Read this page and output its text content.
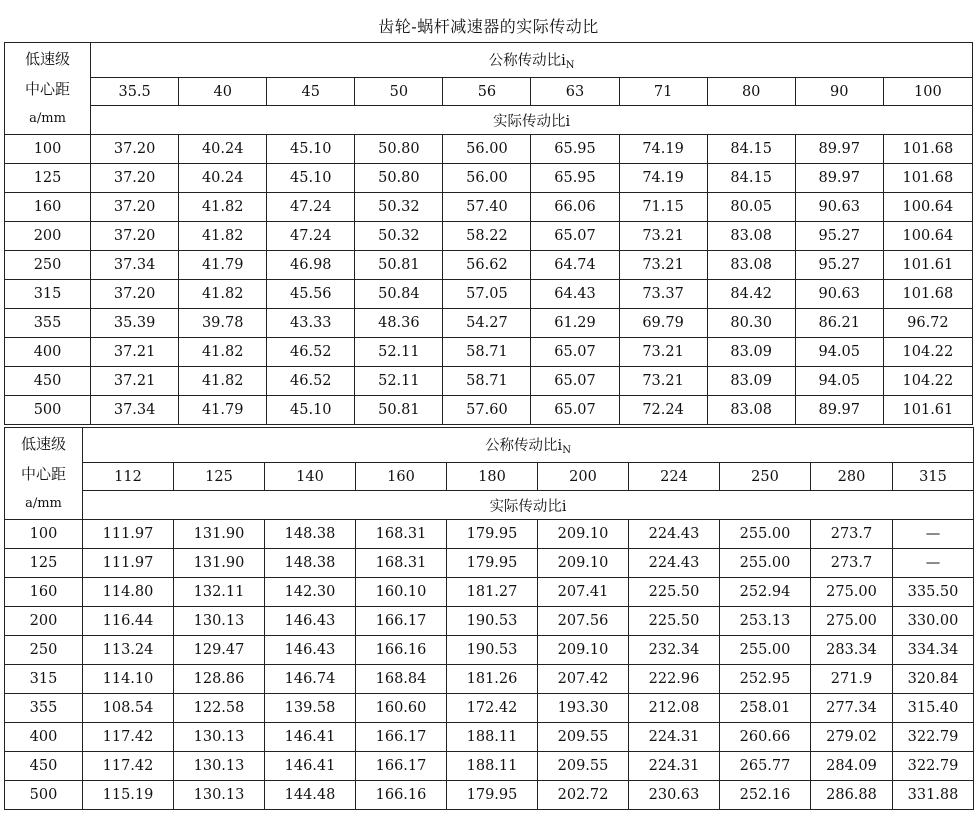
齿轮-蜗杆减速器的实际传动比
低速级
中心距
a/mm	公称传动比$i_N$
	35.5	40	45	50	56	63	71	80	90	100
	实际传动比i									
100	37.20	40.24	45.10	50.80	56.00	65.95	74.19	84.15	89.97	101.68
125	37.20	40.24	45.10	50.80	56.00	65.95	74.19	84.15	89.97	101.68
160	37.20	41.82	47.24	50.32	57.40	66.06	71.15	80.05	90.63	100.64
200	37.20	41.82	47.24	50.32	58.22	65.07	73.21	83.08	95.27	100.64
250	37.34	41.79	46.98	50.81	56.62	64.74	73.21	83.08	95.27	101.61
315	37.20	41.82	45.56	50.84	57.05	64.43	73.37	84.42	90.63	101.68
355	35.39	39.78	43.33	48.36	54.27	61.29	69.79	80.30	86.21	96.72
400	37.21	41.82	46.52	52.11	58.71	65.07	73.21	83.09	94.05	104.22
450	37.21	41.82	46.52	52.11	58.71	65.07	73.21	83.09	94.05	104.22
500	37.34	41.79	45.10	50.81	57.60	65.07	72.24	83.08	89.97	101.61
低速级
中心距
a/mm	公称传动比$i_N$
	112	125	140	160	180	200	224	250	280	315
	实际传动比i									
100	111.97	131.90	148.38	168.31	179.95	209.10	224.43	255.00	273.7	—
125	111.97	131.90	148.38	168.31	179.95	209.10	224.43	255.00	273.7	—
160	114.80	132.11	142.30	160.10	181.27	207.41	225.50	252.94	275.00	335.50
200	116.44	130.13	146.43	166.17	190.53	207.56	225.50	253.13	275.00	330.00
250	113.24	129.47	146.43	166.16	190.53	209.10	232.34	255.00	283.34	334.34
315	114.10	128.86	146.74	168.84	181.26	207.42	222.96	252.95	271.9	320.84
355	108.54	122.58	139.58	160.60	172.42	193.30	212.08	258.01	277.34	315.40
400	117.42	130.13	146.41	166.17	188.11	209.55	224.31	260.66	279.02	322.79
450	117.42	130.13	146.41	166.17	188.11	209.55	224.31	265.77	284.09	322.79
500	115.19	130.13	144.48	166.16	179.95	202.72	230.63	252.16	286.88	331.88
